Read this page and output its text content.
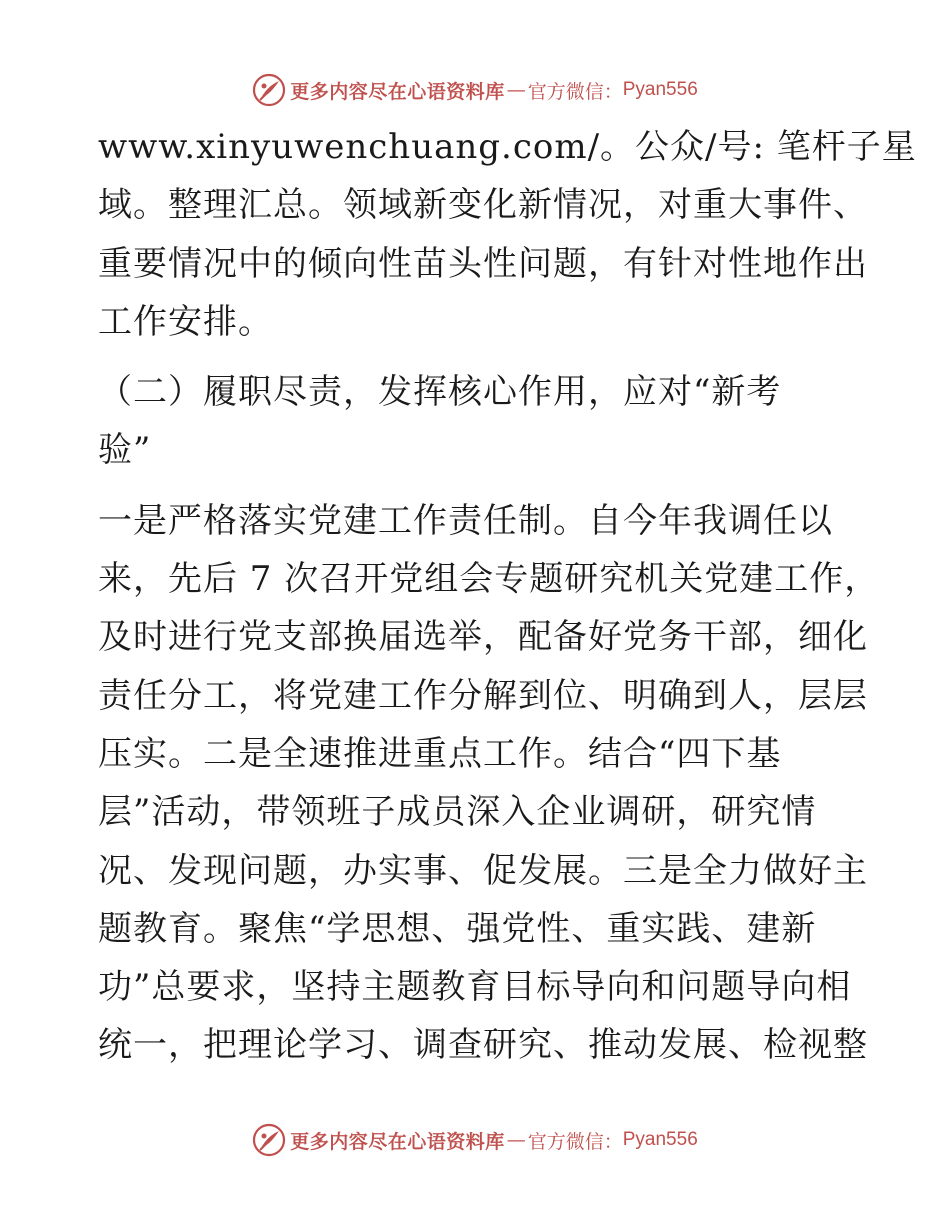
更多内容尽在心语资料库 — 官方微信： Pyan556
www.xinyuwenchuang.com/。公众/号: 笔杆子星
域。整理汇总。领域新变化新情况，对重大事件、
重要情况中的倾向性苗头性问题，有针对性地作出
工作安排。
（二）履职尽责，发挥核心作用，应对“新考
验”
一是严格落实党建工作责任制。自今年我调任以
来，先后 7 次召开党组会专题研究机关党建工作，
及时进行党支部换届选举，配备好党务干部，细化
责任分工，将党建工作分解到位、明确到人，层层
压实。二是全速推进重点工作。结合“四下基
层”活动，带领班子成员深入企业调研，研究情
况、发现问题，办实事、促发展。三是全力做好主
题教育。聚焦“学思想、强党性、重实践、建新
功”总要求，坚持主题教育目标导向和问题导向相
统一，把理论学习、调查研究、推动发展、检视整
更多内容尽在心语资料库 — 官方微信： Pyan556
